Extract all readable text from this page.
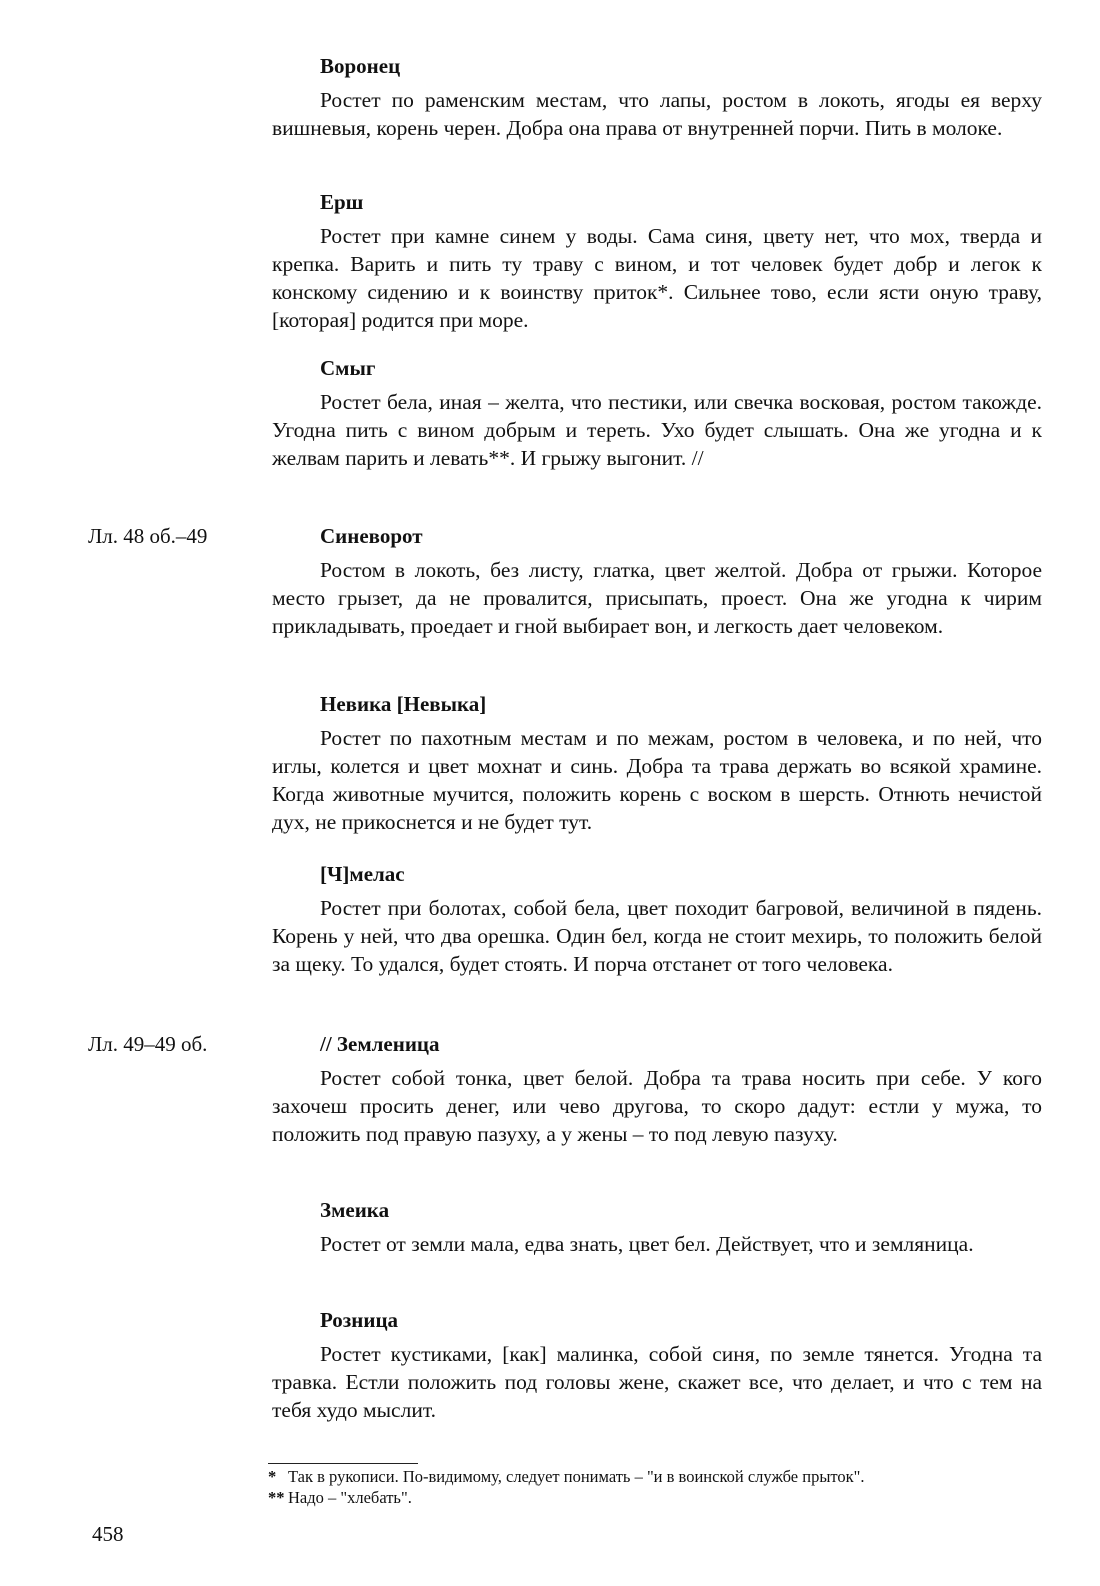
Воронец

Ростет по раменским местам, что лапы, ростом в локоть, ягоды ея верху вишневыя, корень черен. Добра она права от внутренней порчи. Пить в молоке.

Ерш

Ростет при камне синем у воды. Сама синя, цвету нет, что мох, тверда и крепка. Варить и пить ту траву с вином, и тот человек будет добр и легок к конскому сидению и к воинству приток*. Сильнее тово, если ясти оную траву, [которая] родится при море.

Смыг

Ростет бела, иная – желта, что пестики, или свечка восковая, ростом такожде. Угодна пить с вином добрым и тереть. Ухо будет слышать. Она же угодна и к желвам парить и левать**. И грыжу выгонит. //

Лл. 48 об.–49	Синеворот

Ростом в локоть, без листу, глатка, цвет желтой. Добра от грыжи. Которое место грызет, да не провалится, присыпать, проест. Она же угодна к чирим прикладывать, проедает и гной выбирает вон, и легкость дает человеком.

Невика [Невыка]

Ростет по пахотным местам и по межам, ростом в человека, и по ней, что иглы, колется и цвет мохнат и синь. Добра та трава держать во всякой храмине. Когда животные мучится, положить корень с воском в шерсть. Отнють нечистой дух, не прикоснется и не будет тут.

[Ч]мелас

Ростет при болотах, собой бела, цвет походит багровой, величиной в пядень. Корень у ней, что два орешка. Один бел, когда не стоит мехирь, то положить белой за щеку. То удался, будет стоять. И порча отстанет от того человека.

Лл. 49–49 об.	// Земленица

Ростет собой тонка, цвет белой. Добра та трава носить при себе. У кого захочеш просить денег, или чево другова, то скоро дадут: естли у мужа, то положить под правую пазуху, а у жены – то под левую пазуху.

Змеика

Ростет от земли мала, едва знать, цвет бел. Действует, что и земляница.

Розница

Ростет кустиками, [как] малинка, собой синя, по земле тянется. Угодна та травка. Естли положить под головы жене, скажет все, что делает, и что с тем на тебя худо мыслит.

* Так в рукописи. По-видимому, следует понимать – "и в воинской службе прыток".
** Надо – "хлебать".
458
